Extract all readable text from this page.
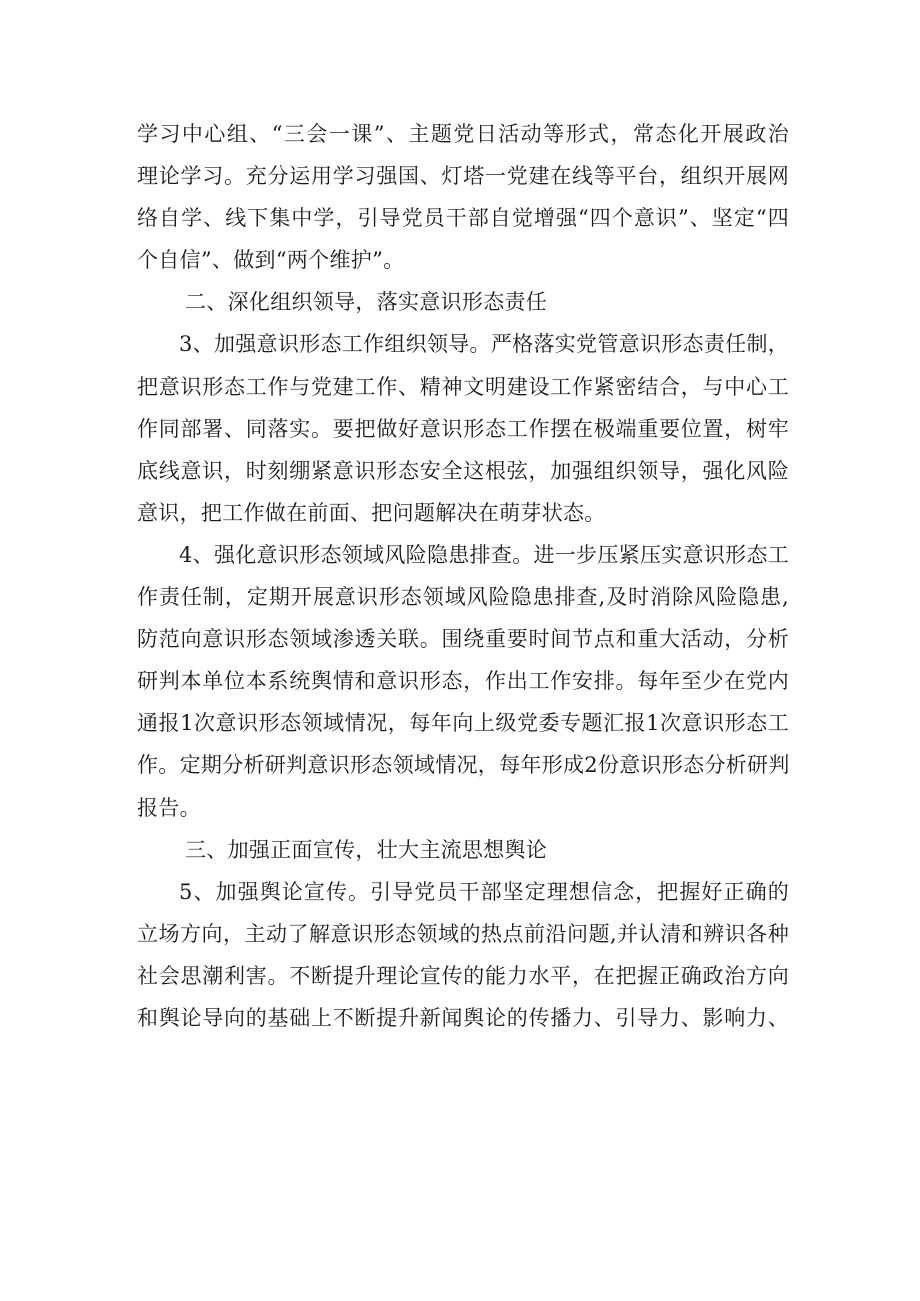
学习中心组、“三会一课”、主题党日活动等形式，常态化开展政治
理论学习。充分运用学习强国、灯塔一党建在线等平台，组织开展网
络自学、线下集中学，引导党员干部自觉增强“四个意识”、坚定“四
个自信”、做到“两个维护”。
二、深化组织领导，落实意识形态责任
3、加强意识形态工作组织领导。严格落实党管意识形态责任制，
把意识形态工作与党建工作、精神文明建设工作紧密结合，与中心工
作同部署、同落实。要把做好意识形态工作摆在极端重要位置，树牢
底线意识，时刻绷紧意识形态安全这根弦，加强组织领导，强化风险
意识，把工作做在前面、把问题解决在萌芽状态。
4、强化意识形态领域风险隐患排查。进一步压紧压实意识形态工
作责任制，定期开展意识形态领域风险隐患排查,及时消除风险隐患,
防范向意识形态领域渗透关联。围绕重要时间节点和重大活动，分析
研判本单位本系统舆情和意识形态，作出工作安排。每年至少在党内
通报1次意识形态领域情况，每年向上级党委专题汇报1次意识形态工
作。定期分析研判意识形态领域情况，每年形成2份意识形态分析研判
报告。
三、加强正面宣传，壮大主流思想舆论
5、加强舆论宣传。引导党员干部坚定理想信念，把握好正确的
立场方向，主动了解意识形态领域的热点前沿问题,并认清和辨识各种
社会思潮利害。不断提升理论宣传的能力水平，在把握正确政治方向
和舆论导向的基础上不断提升新闻舆论的传播力、引导力、影响力、
